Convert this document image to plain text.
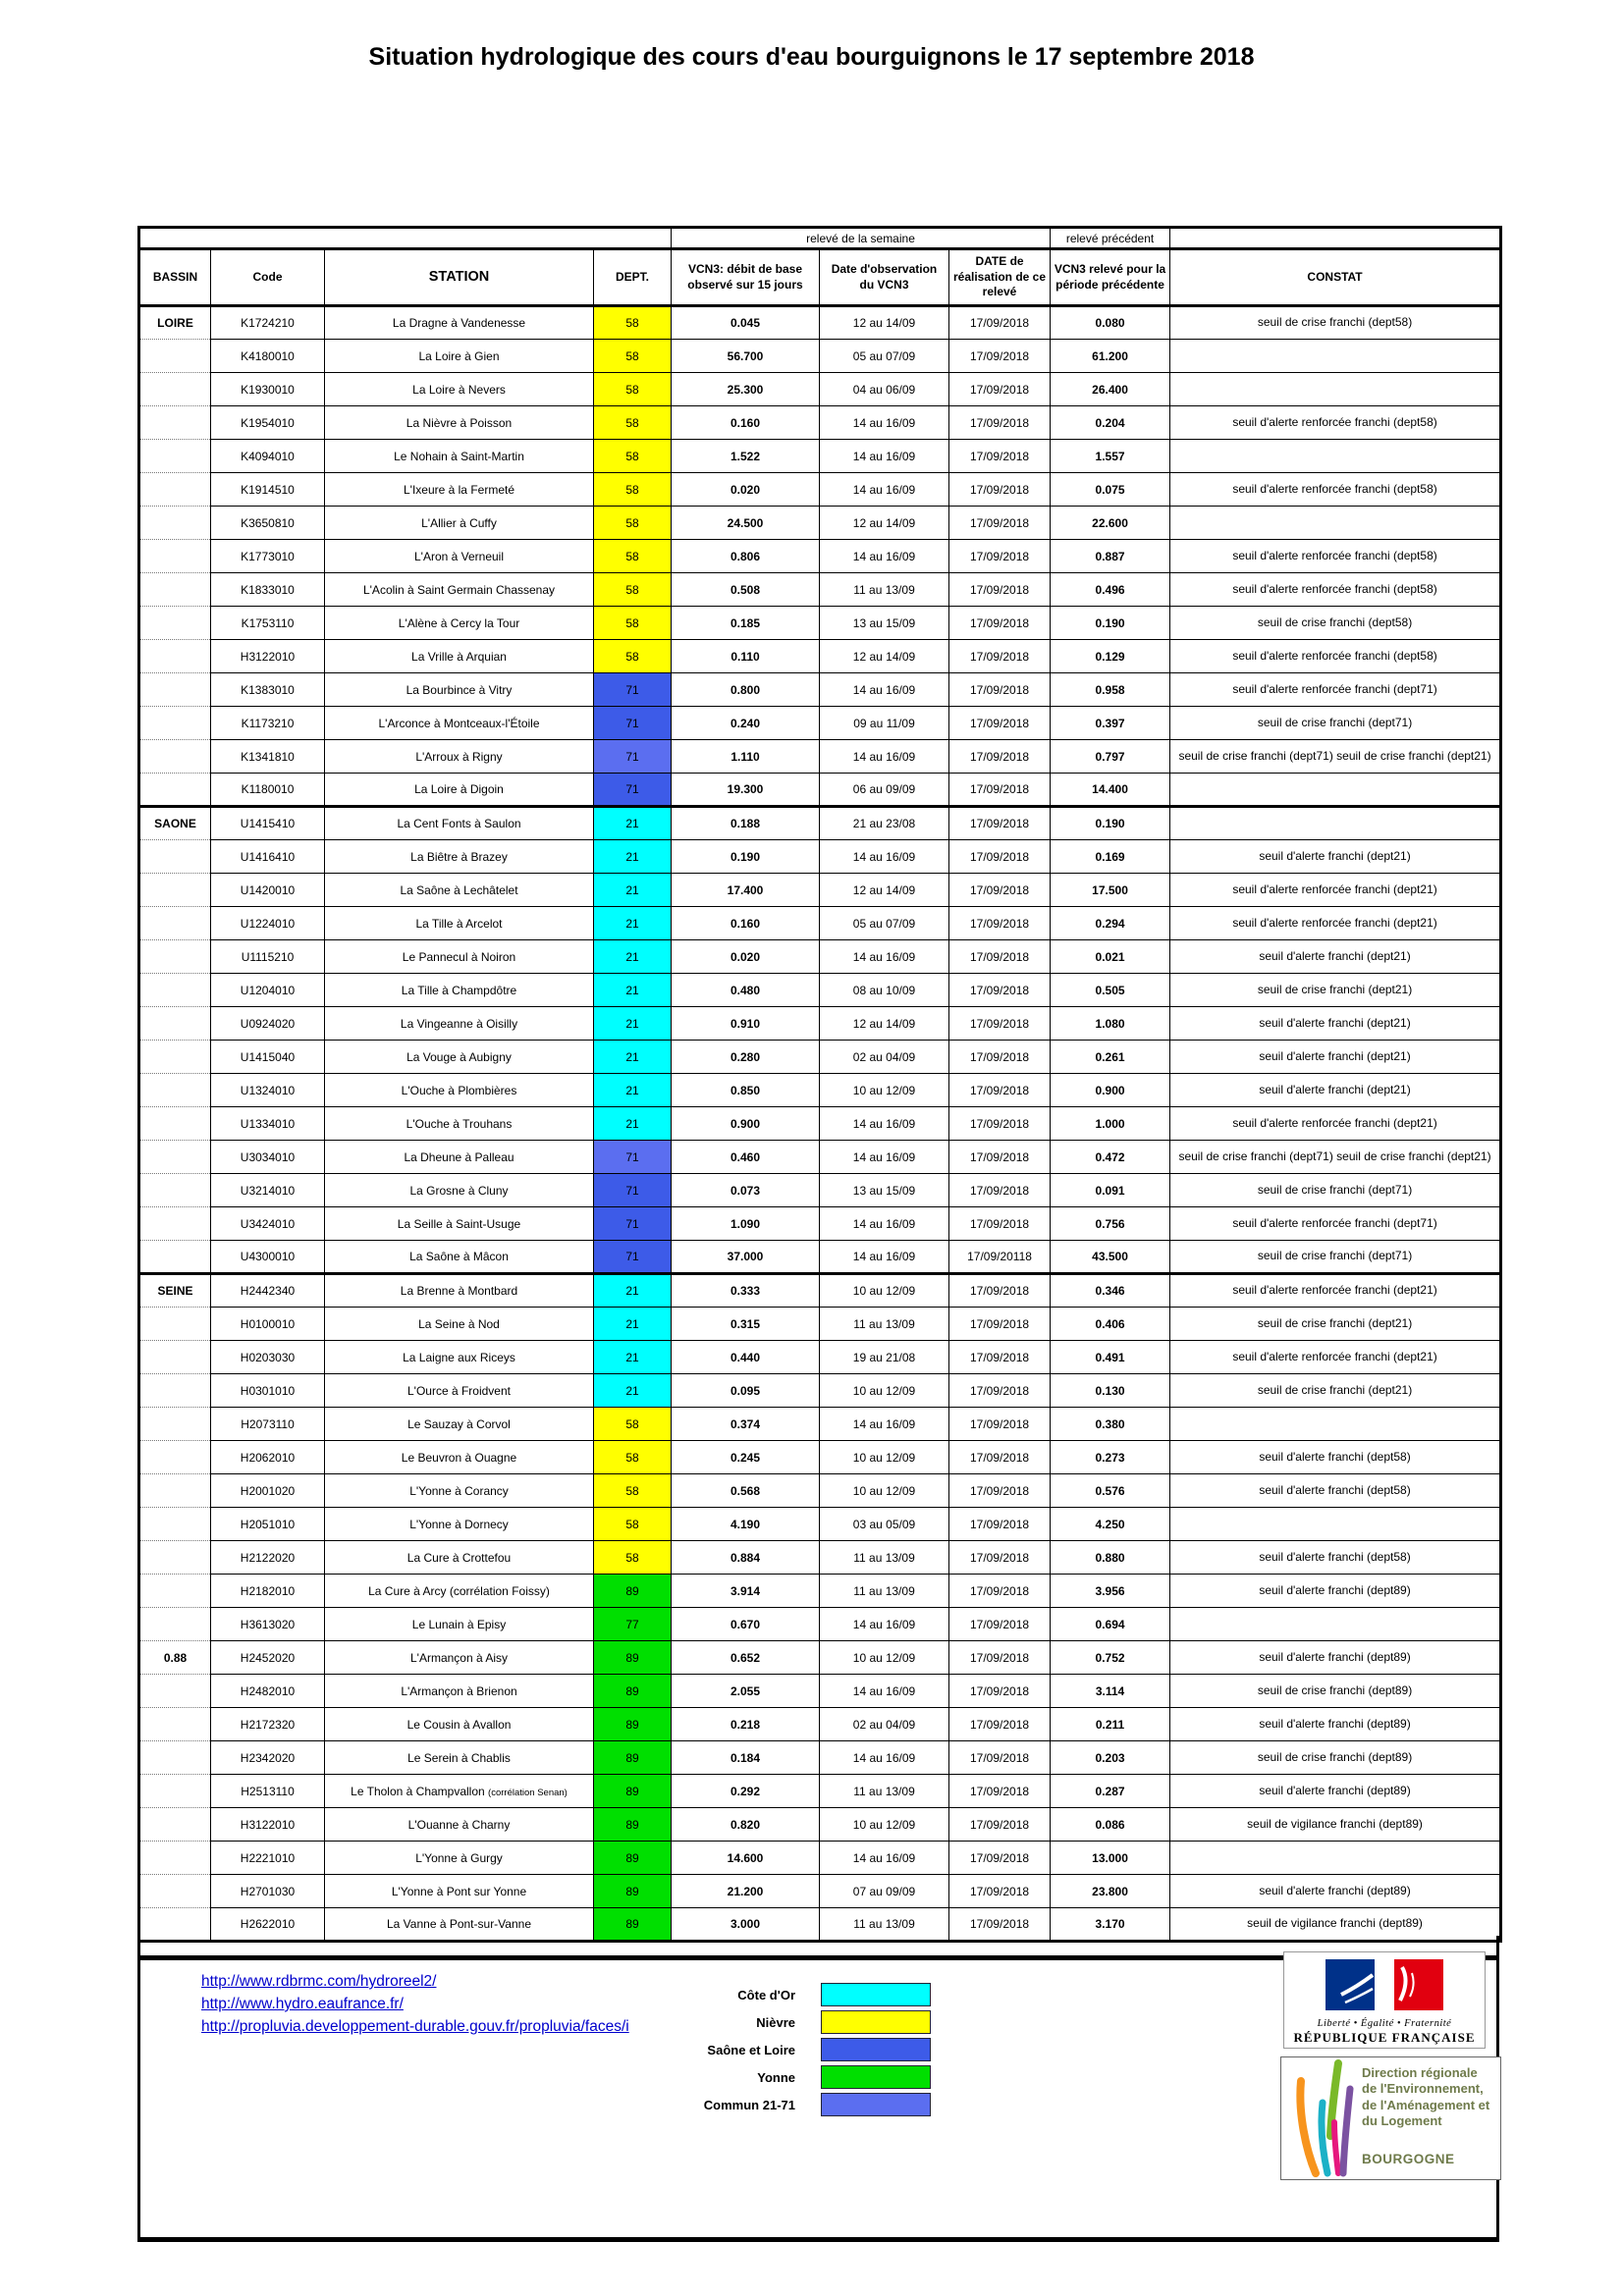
Situation hydrologique des cours d'eau bourguignons le 17 septembre 2018
				relevé de la semaine			relevé précédent	
BASSIN	Code	STATION	DEPT.	VCN3: débit de base observé sur 15 jours	Date d'observation du VCN3	DATE de réalisation de ce relevé	VCN3 relevé pour la période précédente	CONSTAT
LOIRE	K1724210	La Dragne à Vandenesse	58	0.045	12 au 14/09	17/09/2018	0.080	seuil de crise franchi (dept58)
	K4180010	La Loire à Gien	58	56.700	05 au 07/09	17/09/2018	61.200	
	K1930010	La Loire à Nevers	58	25.300	04 au 06/09	17/09/2018	26.400	
	K1954010	La Nièvre à Poisson	58	0.160	14 au 16/09	17/09/2018	0.204	seuil d'alerte renforcée franchi (dept58)
	K4094010	Le Nohain à Saint-Martin	58	1.522	14 au 16/09	17/09/2018	1.557	
	K1914510	L'Ixeure à la Fermeté	58	0.020	14 au 16/09	17/09/2018	0.075	seuil d'alerte renforcée franchi (dept58)
	K3650810	L'Allier à Cuffy	58	24.500	12 au 14/09	17/09/2018	22.600	
	K1773010	L'Aron à Verneuil	58	0.806	14 au 16/09	17/09/2018	0.887	seuil d'alerte renforcée franchi (dept58)
	K1833010	L'Acolin à Saint Germain Chassenay	58	0.508	11 au 13/09	17/09/2018	0.496	seuil d'alerte renforcée franchi (dept58)
	K1753110	L'Alène à Cercy la Tour	58	0.185	13 au 15/09	17/09/2018	0.190	seuil de crise franchi (dept58)
	H3122010	La Vrille à Arquian	58	0.110	12 au 14/09	17/09/2018	0.129	seuil d'alerte renforcée franchi (dept58)
	K1383010	La Bourbince à Vitry	71	0.800	14 au 16/09	17/09/2018	0.958	seuil d'alerte renforcée franchi (dept71)
	K1173210	L'Arconce à Montceaux-l'Étoile	71	0.240	09 au 11/09	17/09/2018	0.397	seuil de crise franchi (dept71)
	K1341810	L'Arroux à Rigny	71	1.110	14 au 16/09	17/09/2018	0.797	seuil de crise franchi (dept71) seuil de crise franchi (dept21)
	K1180010	La Loire à Digoin	71	19.300	06 au 09/09	17/09/2018	14.400	
SAONE	U1415410	La Cent Fonts à Saulon	21	0.188	21 au 23/08	17/09/2018	0.190	
	U1416410	La Biêtre à Brazey	21	0.190	14 au 16/09	17/09/2018	0.169	seuil d'alerte franchi (dept21)
	U1420010	La Saône à Lechâtelet	21	17.400	12 au 14/09	17/09/2018	17.500	seuil d'alerte renforcée franchi (dept21)
	U1224010	La Tille à Arcelot	21	0.160	05 au 07/09	17/09/2018	0.294	seuil d'alerte renforcée franchi (dept21)
	U1115210	Le Pannecul à Noiron	21	0.020	14 au 16/09	17/09/2018	0.021	seuil d'alerte franchi (dept21)
	U1204010	La Tille à Champdôtre	21	0.480	08 au 10/09	17/09/2018	0.505	seuil de crise franchi (dept21)
	U0924020	La Vingeanne à Oisilly	21	0.910	12 au 14/09	17/09/2018	1.080	seuil d'alerte franchi (dept21)
	U1415040	La Vouge à Aubigny	21	0.280	02 au 04/09	17/09/2018	0.261	seuil d'alerte franchi (dept21)
	U1324010	L'Ouche à Plombières	21	0.850	10 au 12/09	17/09/2018	0.900	seuil d'alerte franchi (dept21)
	U1334010	L'Ouche à Trouhans	21	0.900	14 au 16/09	17/09/2018	1.000	seuil d'alerte renforcée franchi (dept21)
	U3034010	La Dheune à Palleau	71	0.460	14 au 16/09	17/09/2018	0.472	seuil de crise franchi (dept71) seuil de crise franchi (dept21)
	U3214010	La Grosne à Cluny	71	0.073	13 au 15/09	17/09/2018	0.091	seuil de crise franchi (dept71)
	U3424010	La Seille à Saint-Usuge	71	1.090	14 au 16/09	17/09/2018	0.756	seuil d'alerte renforcée franchi (dept71)
	U4300010	La Saône à Mâcon	71	37.000	14 au 16/09	17/09/20118	43.500	seuil de crise franchi (dept71)
SEINE	H2442340	La Brenne à Montbard	21	0.333	10 au 12/09	17/09/2018	0.346	seuil d'alerte renforcée franchi (dept21)
	H0100010	La Seine à Nod	21	0.315	11 au 13/09	17/09/2018	0.406	seuil de crise franchi (dept21)
	H0203030	La Laigne aux Riceys	21	0.440	19 au 21/08	17/09/2018	0.491	seuil d'alerte renforcée franchi (dept21)
	H0301010	L'Ource à Froidvent	21	0.095	10 au 12/09	17/09/2018	0.130	seuil de crise franchi (dept21)
	H2073110	Le Sauzay à Corvol	58	0.374	14 au 16/09	17/09/2018	0.380	
	H2062010	Le Beuvron à Ouagne	58	0.245	10 au 12/09	17/09/2018	0.273	seuil d'alerte franchi (dept58)
	H2001020	L'Yonne à Corancy	58	0.568	10 au 12/09	17/09/2018	0.576	seuil d'alerte franchi (dept58)
	H2051010	L'Yonne à Dornecy	58	4.190	03 au 05/09	17/09/2018	4.250	
	H2122020	La Cure à Crottefou	58	0.884	11 au 13/09	17/09/2018	0.880	seuil d'alerte franchi (dept58)
	H2182010	La Cure à Arcy (corrélation Foissy)	89	3.914	11 au 13/09	17/09/2018	3.956	seuil d'alerte franchi (dept89)
	H3613020	Le Lunain à Episy	77	0.670	14 au 16/09	17/09/2018	0.694	
0.88	H2452020	L'Armançon à Aisy	89	0.652	10 au 12/09	17/09/2018	0.752	seuil d'alerte franchi (dept89)
	H2482010	L'Armançon à Brienon	89	2.055	14 au 16/09	17/09/2018	3.114	seuil de crise franchi (dept89)
	H2172320	Le Cousin à Avallon	89	0.218	02 au 04/09	17/09/2018	0.211	seuil d'alerte franchi (dept89)
	H2342020	Le Serein à Chablis	89	0.184	14 au 16/09	17/09/2018	0.203	seuil de crise franchi (dept89)
	H2513110	Le Tholon à Champvallon (corrélation Senan)	89	0.292	11 au 13/09	17/09/2018	0.287	seuil d'alerte franchi (dept89)
	H3122010	L'Ouanne à Charny	89	0.820	10 au 12/09	17/09/2018	0.086	seuil de vigilance franchi (dept89)
	H2221010	L'Yonne à Gurgy	89	14.600	14 au 16/09	17/09/2018	13.000	
	H2701030	L'Yonne à Pont sur Yonne	89	21.200	07 au 09/09	17/09/2018	23.800	seuil d'alerte franchi (dept89)
	H2622010	La Vanne à Pont-sur-Vanne	89	3.000	11 au 13/09	17/09/2018	3.170	seuil de vigilance franchi (dept89)
http://www.rdbrmc.com/hydroreel2/
http://www.hydro.eaufrance.fr/
http://propluvia.developpement-durable.gouv.fr/propluvia/faces/i
Côte d'Or
Nièvre
Saône et Loire
Yonne
Commun 21-71
Liberté • Égalité • Fraternité
RÉPUBLIQUE FRANÇAISE
Direction régionale de l'Environnement, de l'Aménagement et du Logement
BOURGOGNE
